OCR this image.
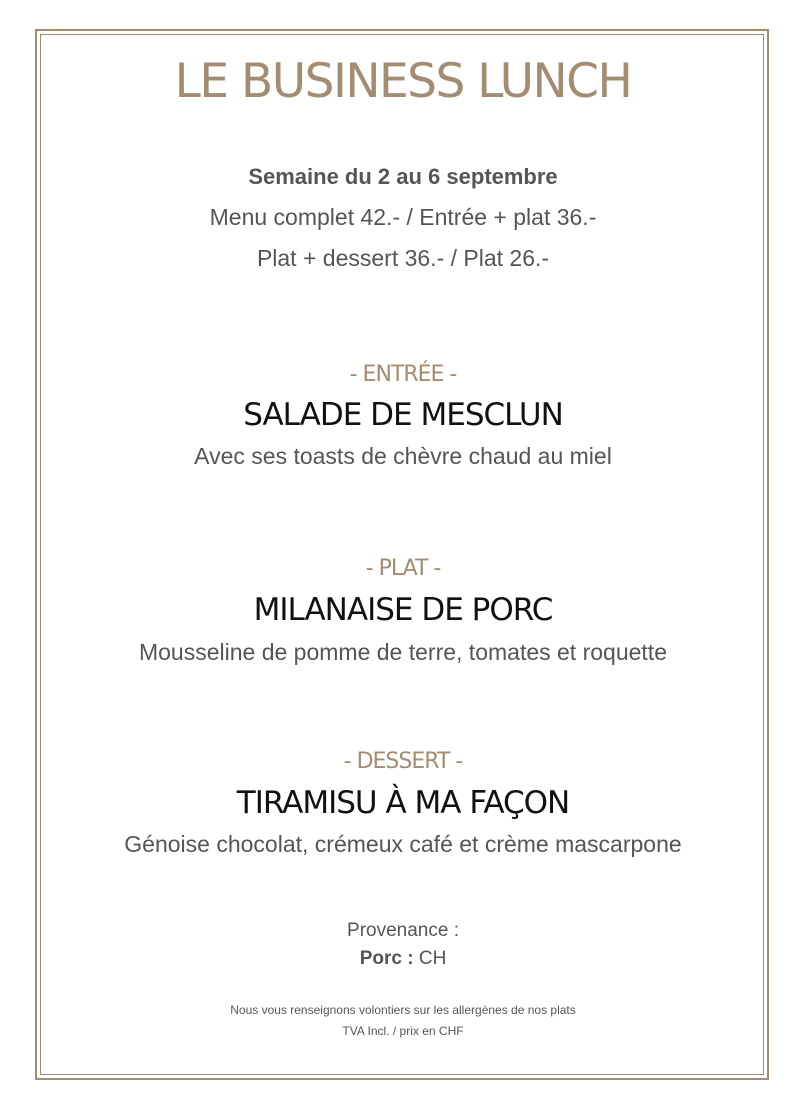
LE BUSINESS LUNCH

Semaine du 2 au 6 septembre

Menu complet 42.- / Entrée + plat 36.-

Plat + dessert 36.- / Plat 26.-

- ENTRÉE -

SALADE DE MESCLUN

Avec ses toasts de chèvre chaud au miel

- PLAT -

MILANAISE DE PORC

Mousseline de pomme de terre, tomates et roquette

- DESSERT -

TIRAMISU À MA FAÇON

Génoise chocolat, crémeux café et crème mascarpone

Provenance :

Porc : CH

Nous vous renseignons volontiers sur les allergènes de nos plats

TVA Incl. / prix en CHF
